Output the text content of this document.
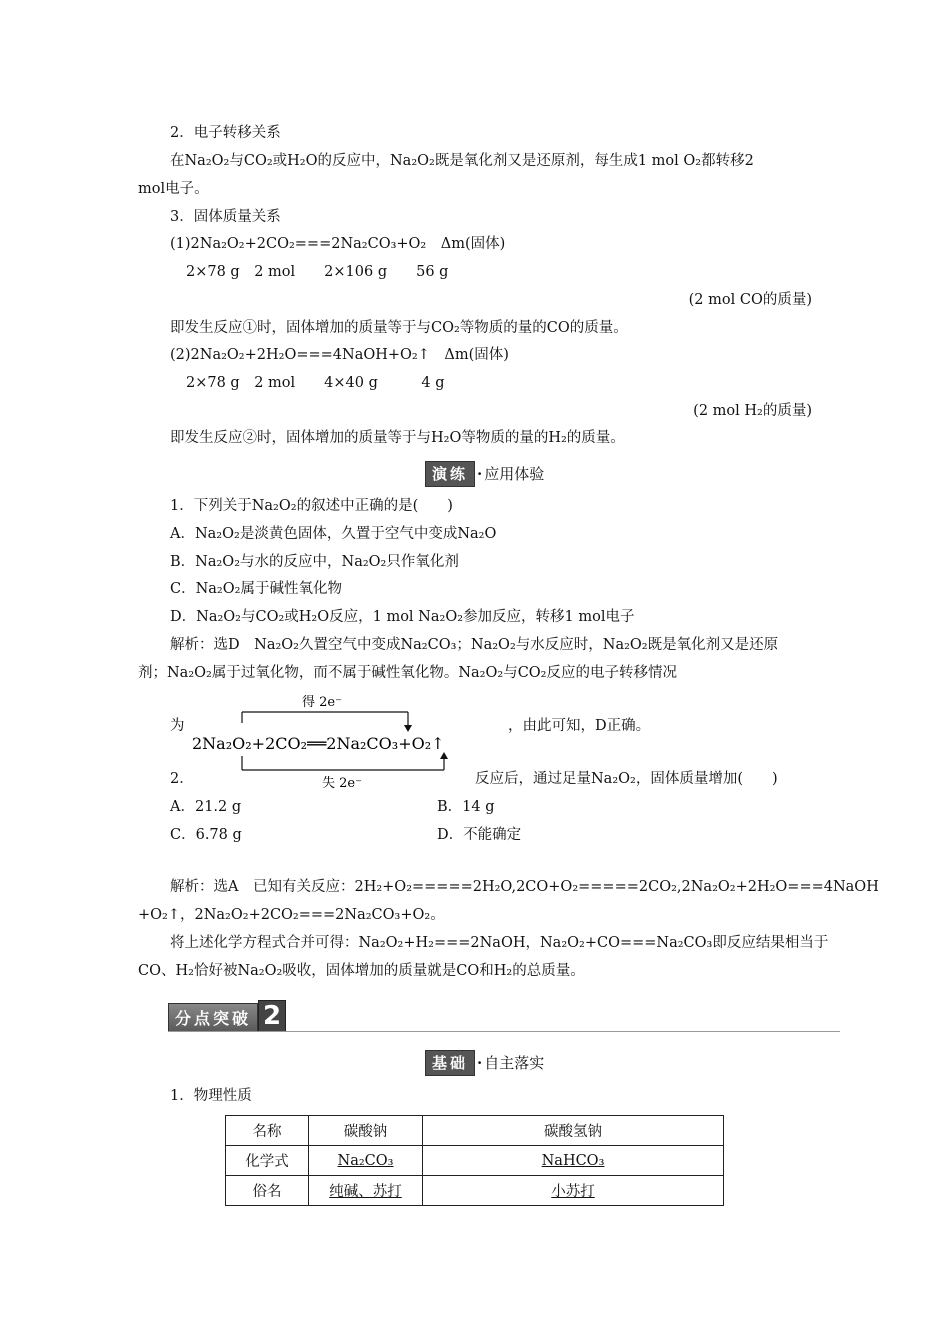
2．电子转移关系
在Na₂O₂与CO₂或H₂O的反应中，Na₂O₂既是氧化剂又是还原剂，每生成1 mol O₂都转移2
mol电子。
3．固体质量关系
(1)2Na₂O₂+2CO₂===2Na₂CO₃+O₂　Δm(固体)
2×78 g　2 mol　　2×106 g　　56 g
(2 mol CO的质量)
即发生反应①时，固体增加的质量等于与CO₂等物质的量的CO的质量。
(2)2Na₂O₂+2H₂O===4NaOH+O₂↑　Δm(固体)
2×78 g　2 mol　　4×40 g　　　4 g
(2 mol H₂的质量)
即发生反应②时，固体增加的质量等于与H₂O等物质的量的H₂的质量。
演练 · 应用体验
1．下列关于Na₂O₂的叙述中正确的是(　　)
A．Na₂O₂是淡黄色固体，久置于空气中变成Na₂O
B．Na₂O₂与水的反应中，Na₂O₂只作氧化剂
C．Na₂O₂属于碱性氧化物
D．Na₂O₂与CO₂或H₂O反应，1 mol Na₂O₂参加反应，转移1 mol电子
解析：选D　Na₂O₂久置空气中变成Na₂CO₃；Na₂O₂与水反应时，Na₂O₂既是氧化剂又是还原
剂；Na₂O₂属于过氧化物，而不属于碱性氧化物。Na₂O₂与CO₂反应的电子转移情况
为
得 2e⁻
2Na₂O₂+2CO₂══2Na₂CO₃+O₂↑
失 2e⁻
，由此可知，D正确。
2．	反应后，通过足量Na₂O₂，固体质量增加(　　)
A．21.2 g	B．14 g
C．6.78 g	D．不能确定
解析：选A　已知有关反应：2H₂+O₂=====2H₂O,2CO+O₂=====2CO₂,2Na₂O₂+2H₂O===4NaOH
+O₂↑，2Na₂O₂+2CO₂===2Na₂CO₃+O₂。
将上述化学方程式合并可得：Na₂O₂+H₂===2NaOH，Na₂O₂+CO===Na₂CO₃即反应结果相当于
CO、H₂恰好被Na₂O₂吸收，固体增加的质量就是CO和H₂的总质量。
分点突破 2
基础 · 自主落实
1．物理性质
名称	碳酸钠	碳酸氢钠
化学式	Na₂CO₃	NaHCO₃
俗名	纯碱、苏打	小苏打
